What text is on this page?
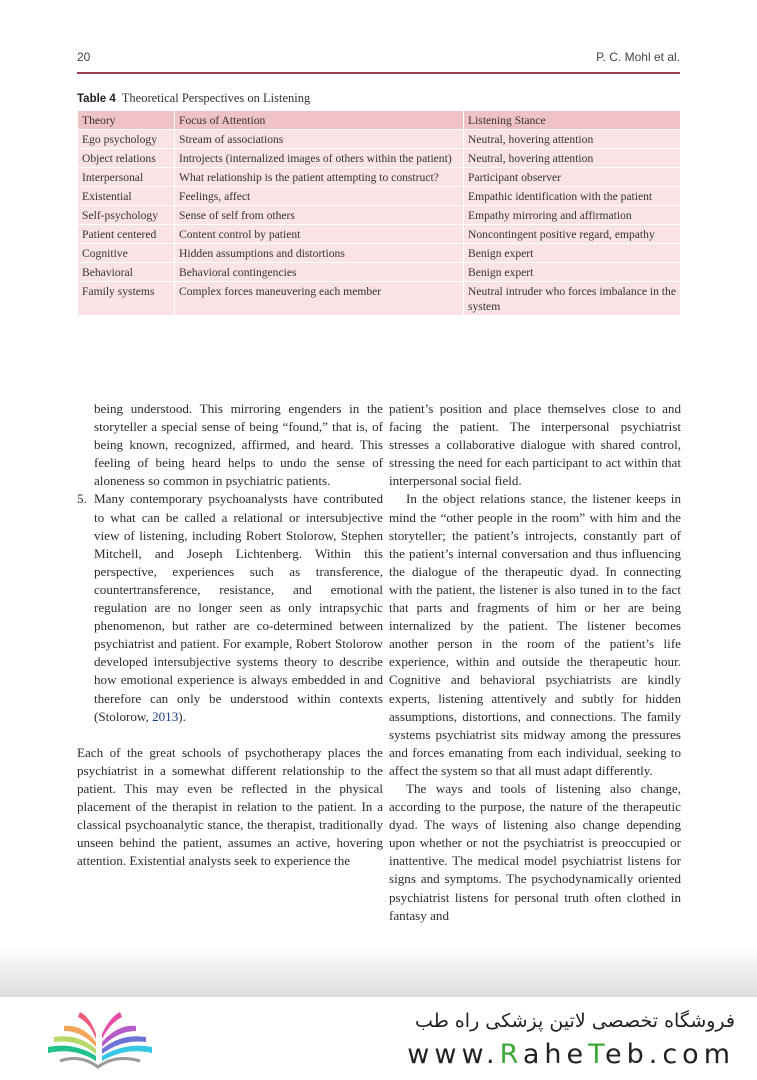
20	P. C. Mohl et al.
Table 4 Theoretical Perspectives on Listening
Theory	Focus of Attention	Listening Stance
Ego psychology	Stream of associations	Neutral, hovering attention
Object relations	Introjects (internalized images of others within the patient)	Neutral, hovering attention
Interpersonal	What relationship is the patient attempting to construct?	Participant observer
Existential	Feelings, affect	Empathic identification with the patient
Self-psychology	Sense of self from others	Empathy mirroring and affirmation
Patient centered	Content control by patient	Noncontingent positive regard, empathy
Cognitive	Hidden assumptions and distortions	Benign expert
Behavioral	Behavioral contingencies	Benign expert
Family systems	Complex forces maneuvering each member	Neutral intruder who forces imbalance in the system

being understood. This mirroring engenders in the storyteller a special sense of being “found,” that is, of being known, recognized, affirmed, and heard. This feeling of being heard helps to undo the sense of aloneness so common in psychiatric patients.

5. Many contemporary psychoanalysts have contributed to what can be called a relational or intersubjective view of listening, including Robert Stolorow, Stephen Mitchell, and Joseph Lichtenberg. Within this perspective, experiences such as transference, countertransference, resistance, and emotional regulation are no longer seen as only intrapsychic phenomenon, but rather are co-determined between psychiatrist and patient. For example, Robert Stolorow developed intersubjective systems theory to describe how emotional experience is always embedded in and therefore can only be understood within contexts (Stolorow, 2013).

Each of the great schools of psychotherapy places the psychiatrist in a somewhat different relationship to the patient. This may even be reflected in the physical placement of the therapist in relation to the patient. In a classical psychoanalytic stance, the therapist, traditionally unseen behind the patient, assumes an active, hovering attention. Existential analysts seek to experience the

patient’s position and place themselves close to and facing the patient. The interpersonal psychiatrist stresses a collaborative dialogue with shared control, stressing the need for each participant to act within that interpersonal social field.

In the object relations stance, the listener keeps in mind the “other people in the room” with him and the storyteller; the patient’s introjects, constantly part of the patient’s internal conversation and thus influencing the dialogue of the therapeutic dyad. In connecting with the patient, the listener is also tuned in to the fact that parts and fragments of him or her are being internalized by the patient. The listener becomes another person in the room of the patient’s life experience, within and outside the therapeutic hour. Cognitive and behavioral psychiatrists are kindly experts, listening attentively and subtly for hidden assumptions, distortions, and connections. The family systems psychiatrist sits midway among the pressures and forces emanating from each individual, seeking to affect the system so that all must adapt differently.

The ways and tools of listening also change, according to the purpose, the nature of the therapeutic dyad. The ways of listening also change depending upon whether or not the psychiatrist is preoccupied or inattentive. The medical model psychiatrist listens for signs and symptoms. The psychodynamically oriented psychiatrist listens for personal truth often clothed in fantasy and

فروشگاه تخصصی لاتین پزشکی راه طب
www.RaheTeb.com
